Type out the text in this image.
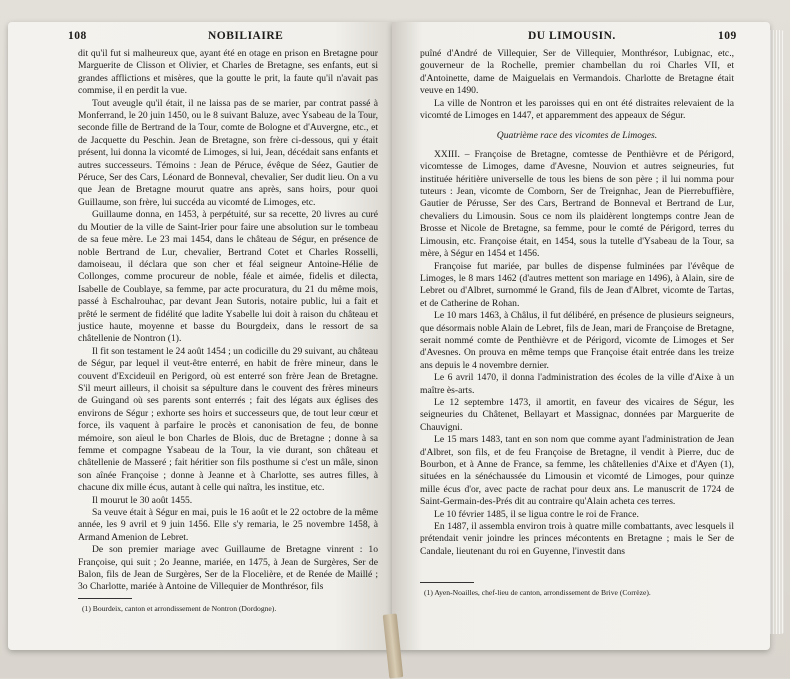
108	NOBILIAIRE

dit qu'il fut si malheureux que, ayant été en otage en prison en Bretagne pour Marguerite de Clisson et Olivier, et Charles de Bretagne, ses enfants, eut si grandes afflictions et misères, que la goutte le prit, la faute qu'il n'avait pas commise, il en perdit la vue.

Tout aveugle qu'il était, il ne laissa pas de se marier, par contrat passé à Monferrand, le 20 juin 1450, ou le 8 suivant Baluze, avec Ysabeau de la Tour, seconde fille de Bertrand de la Tour, comte de Bologne et d'Auvergne, etc., et de Jacquette du Peschin. Jean de Bretagne, son frère ci-dessous, qui y était présent, lui donna la vicomté de Limoges, si lui, Jean, décédait sans enfants et autres successeurs. Témoins : Jean de Péruce, évêque de Séez, Gautier de Péruce, Ser des Cars, Léonard de Bonneval, chevalier, Ser dudit lieu. On a vu que Jean de Bretagne mourut quatre ans après, sans hoirs, pour quoi Guillaume, son frère, lui succéda au vicomté de Limoges, etc.

Guillaume donna, en 1453, à perpétuité, sur sa recette, 20 livres au curé du Moutier de la ville de Saint-Irier pour faire une absolution sur le tombeau de sa feue mère. Le 23 mai 1454, dans le château de Ségur, en présence de noble Bertrand de Lur, chevalier, Bertrand Cotet et Charles Rosselli, damoiseau, il déclara que son cher et féal seigneur Antoine-Hélie de Collonges, comme procureur de noble, féale et aimée, fidelis et dilecta, Isabelle de Coublaye, sa femme, par acte procuratura, du 21 du même mois, passé à Eschalrouhac, par devant Jean Sutoris, notaire public, lui a fait et prêté le serment de fidélité que ladite Ysabelle lui doit à raison du château et justice haute, moyenne et basse du Bourgdeix, dans le ressort de sa châtellenie de Nontron (1).

Il fit son testament le 24 août 1454 ; un codicille du 29 suivant, au château de Ségur, par lequel il veut-être enterré, en habit de frère mineur, dans le couvent d'Excideuil en Perigord, où est enterré son frère Jean de Bretagne. S'il meurt ailleurs, il choisit sa sépulture dans le couvent des frères mineurs de Guingand où ses parents sont enterrés ; fait des légats aux églises des environs de Ségur ; exhorte ses hoirs et successeurs que, de tout leur cœur et force, ils vaquent à parfaire le procès et canonisation de feu, de bonne mémoire, son aïeul le bon Charles de Blois, duc de Bretagne ; donne à sa femme et compagne Ysabeau de la Tour, la vie durant, son château et châtellenie de Masseré ; fait héritier son fils posthume si c'est un mâle, sinon son aînée Françoise ; donne à Jeanne et à Charlotte, ses autres filles, à chacune dix mille écus, autant à celle qui naîtra, les institue, etc.

Il mourut le 30 août 1455.

Sa veuve était à Ségur en mai, puis le 16 août et le 22 octobre de la même année, les 9 avril et 9 juin 1456. Elle s'y remaria, le 25 novembre 1458, à Armand Amenion de Lebret.

De son premier mariage avec Guillaume de Bretagne vinrent : 1o Françoise, qui suit ; 2o Jeanne, mariée, en 1475, à Jean de Surgères, Ser de Balon, fils de Jean de Surgères, Ser de la Flocelière, et de Renée de Maillé ; 3o Charlotte, mariée à Antoine de Villequier de Monthrésor, fils

(1) Bourdeix, canton et arrondissement de Nontron (Dordogne).
DU LIMOUSIN.	109

puîné d'André de Villequier, Ser de Villequier, Monthrésor, Lubignac, etc., gouverneur de la Rochelle, premier chambellan du roi Charles VII, et d'Antoinette, dame de Maiguelais en Vermandois. Charlotte de Bretagne était veuve en 1490.

La ville de Nontron et les paroisses qui en ont été distraites relevaient de la vicomté de Limoges en 1447, et apparemment des appeaux de Ségur.

Quatrième race des vicomtes de Limoges.

XXIII. – Françoise de Bretagne, comtesse de Penthièvre et de Périgord, vicomtesse de Limoges, dame d'Avesne, Nouvion et autres seigneuries, fut instituée héritière universelle de tous les biens de son père ; il lui nomma pour tuteurs : Jean, vicomte de Comborn, Ser de Treignhac, Jean de Pierrebuffière, Gautier de Pérusse, Ser des Cars, Bertrand de Bonneval et Bertrand de Lur, chevaliers du Limousin. Sous ce nom ils plaidèrent longtemps contre Jean de Brosse et Nicole de Bretagne, sa femme, pour le comté de Périgord, terres du Limousin, etc. Françoise était, en 1454, sous la tutelle d'Ysabeau de la Tour, sa mère, à Ségur en 1454 et 1456.

Françoise fut mariée, par bulles de dispense fulminées par l'évêque de Limoges, le 8 mars 1462 (d'autres mettent son mariage en 1496), à Alain, sire de Lebret ou d'Albret, surnommé le Grand, fils de Jean d'Albret, vicomte de Tartas, et de Catherine de Rohan.

Le 10 mars 1463, à Châlus, il fut délibéré, en présence de plusieurs seigneurs, que désormais noble Alain de Lebret, fils de Jean, mari de Françoise de Bretagne, serait nommé comte de Penthièvre et de Périgord, vicomte de Limoges et Ser d'Avesnes. On prouva en même temps que Françoise était entrée dans les treize ans depuis le 4 novembre dernier.

Le 6 avril 1470, il donna l'administration des écoles de la ville d'Aixe à un maître ès-arts.

Le 12 septembre 1473, il amortit, en faveur des vicaires de Ségur, les seigneuries du Châtenet, Bellayart et Massignac, données par Marguerite de Chauvigni.

Le 15 mars 1483, tant en son nom que comme ayant l'administration de Jean d'Albret, son fils, et de feu Françoise de Bretagne, il vendit à Pierre, duc de Bourbon, et à Anne de France, sa femme, les châtellenies d'Aixe et d'Ayen (1), situées en la sénéchaussée du Limousin et vicomté de Limoges, pour quinze mille écus d'or, avec pacte de rachat pour deux ans. Le manuscrit de 1724 de Saint-Germain-des-Prés dit au contraire qu'Alain acheta ces terres.

Le 10 février 1485, il se ligua contre le roi de France.

En 1487, il assembla environ trois à quatre mille combattants, avec lesquels il prétendait venir joindre les princes mécontents en Bretagne ; mais le Ser de Candale, lieutenant du roi en Guyenne, l'investit dans

(1) Ayen-Noailles, chef-lieu de canton, arrondissement de Brive (Corrèze).
